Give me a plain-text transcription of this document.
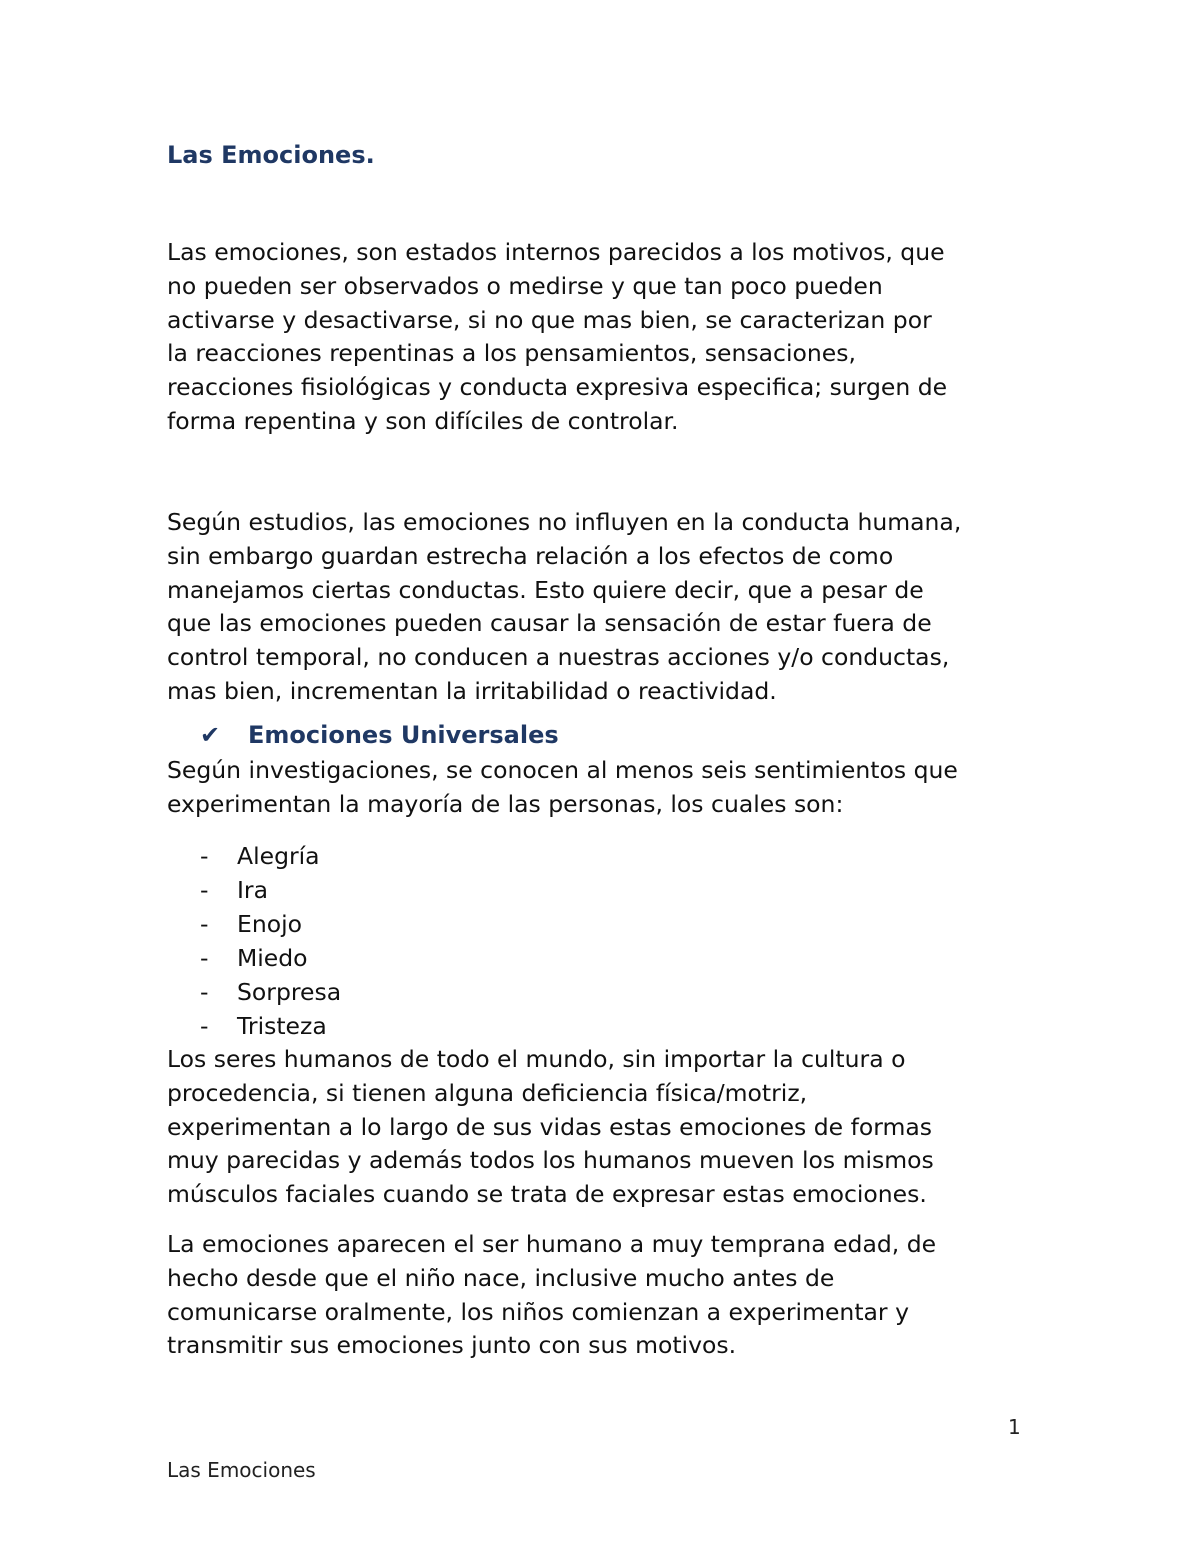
Las Emociones.

Las emociones, son estados internos parecidos a los motivos, que
no pueden ser observados o medirse y que tan poco pueden
activarse y desactivarse, si no que mas bien, se caracterizan por
la reacciones repentinas a los pensamientos, sensaciones,
reacciones fisiológicas y conducta expresiva especifica; surgen de
forma repentina y son difíciles de controlar.

Según estudios, las emociones no influyen en la conducta humana,
sin embargo guardan estrecha relación a los efectos de como
manejamos ciertas conductas. Esto quiere decir, que a pesar de
que las emociones pueden causar la sensación de estar fuera de
control temporal, no conducen a nuestras acciones y/o conductas,
mas bien, incrementan la irritabilidad o reactividad.

✔ Emociones Universales

Según investigaciones, se conocen al menos seis sentimientos que
experimentan la mayoría de las personas, los cuales son:

- Alegría
- Ira
- Enojo
- Miedo
- Sorpresa
- Tristeza

Los seres humanos de todo el mundo, sin importar la cultura o
procedencia, si tienen alguna deficiencia física/motriz,
experimentan a lo largo de sus vidas estas emociones de formas
muy parecidas y además todos los humanos mueven los mismos
músculos faciales cuando se trata de expresar estas emociones.

La emociones aparecen el ser humano a muy temprana edad, de
hecho desde que el niño nace, inclusive mucho antes de
comunicarse oralmente, los niños comienzan a experimentar y
transmitir sus emociones junto con sus motivos.

1
Las Emociones
